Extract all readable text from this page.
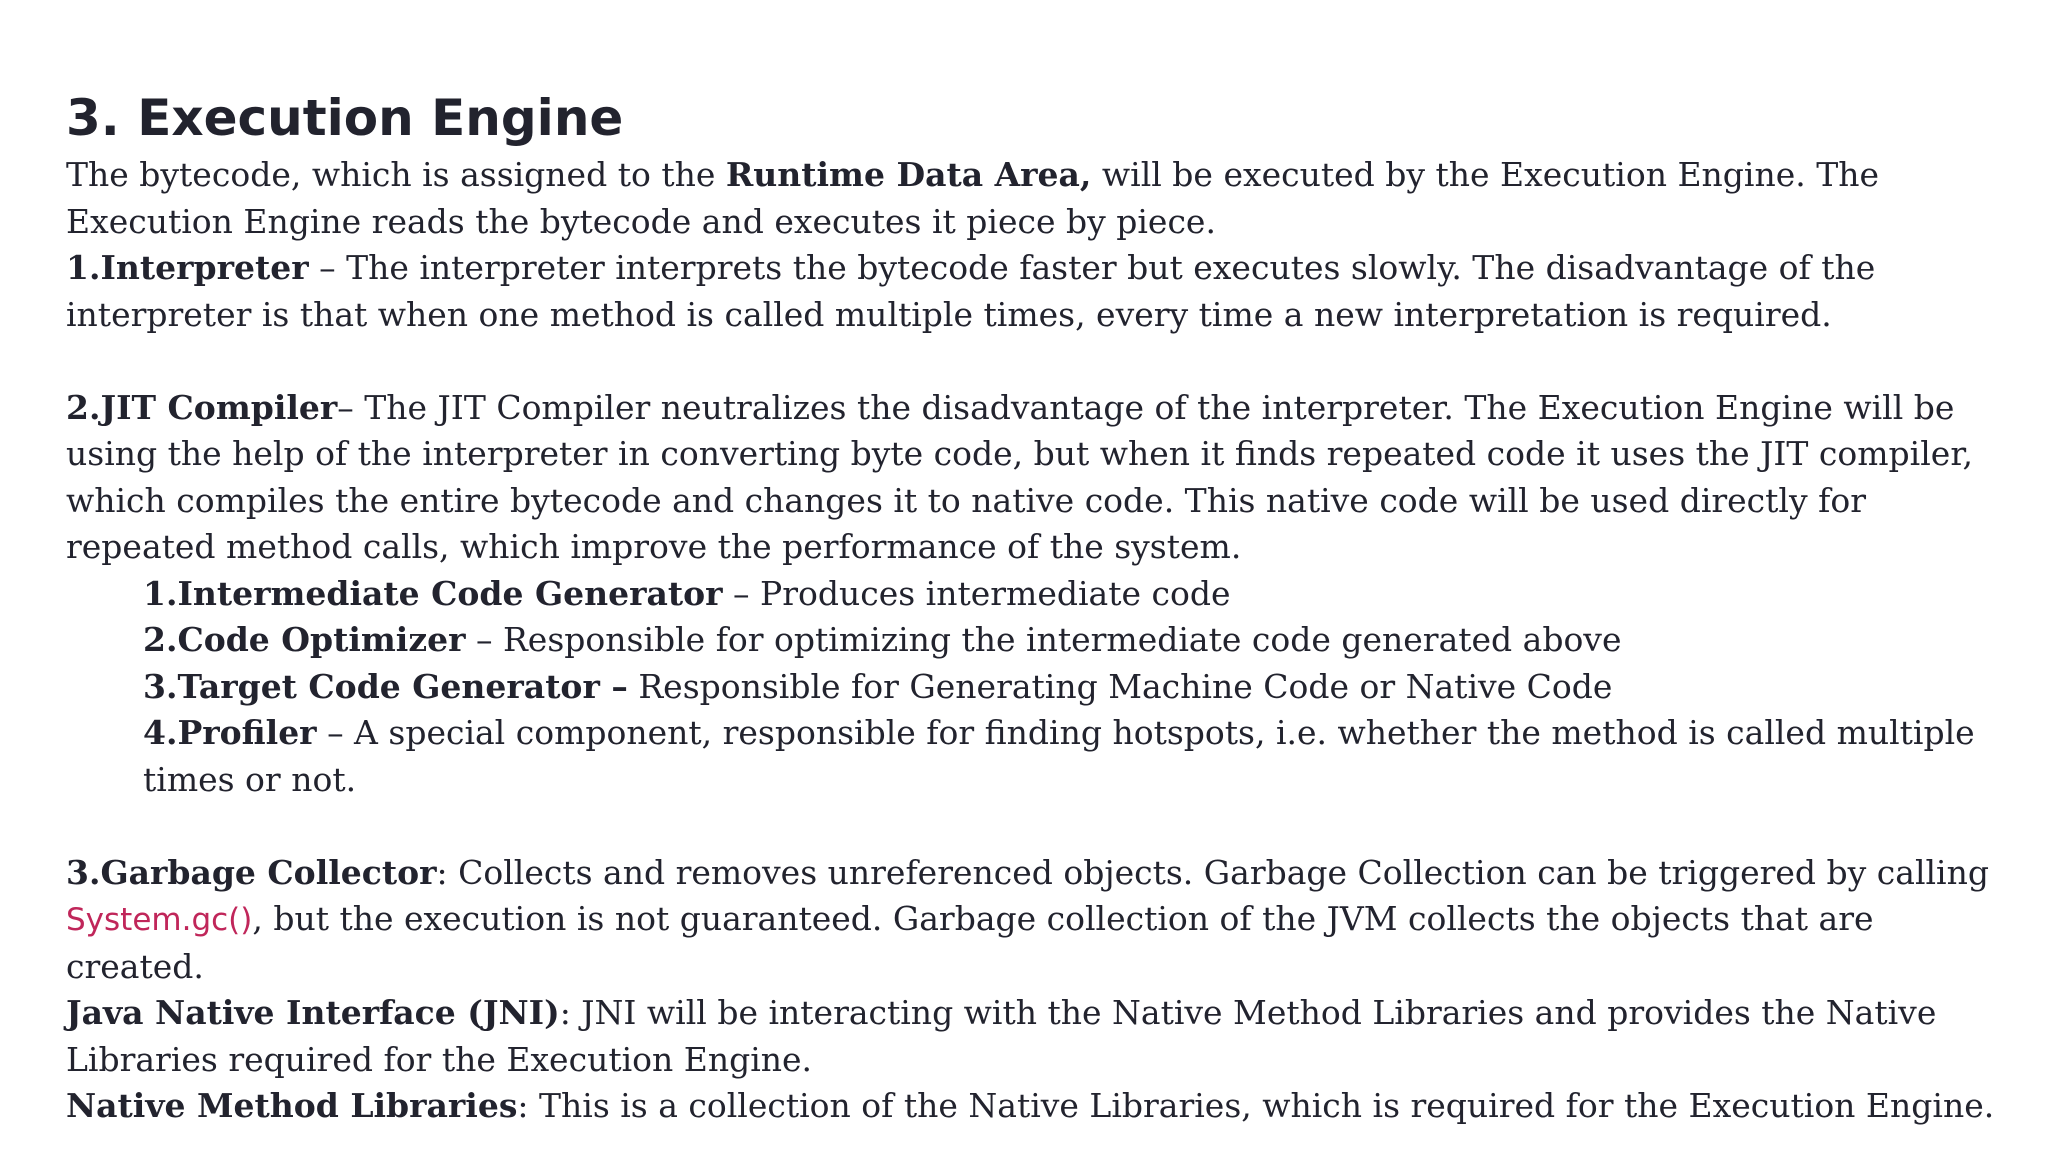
3. Execution Engine

The bytecode, which is assigned to the Runtime Data Area, will be executed by the Execution Engine. The Execution Engine reads the bytecode and executes it piece by piece.

1.Interpreter – The interpreter interprets the bytecode faster but executes slowly. The disadvantage of the interpreter is that when one method is called multiple times, every time a new interpretation is required.

2.JIT Compiler– The JIT Compiler neutralizes the disadvantage of the interpreter. The Execution Engine will be using the help of the interpreter in converting byte code, but when it finds repeated code it uses the JIT compiler, which compiles the entire bytecode and changes it to native code. This native code will be used directly for repeated method calls, which improve the performance of the system.

1.Intermediate Code Generator – Produces intermediate code

2.Code Optimizer – Responsible for optimizing the intermediate code generated above

3.Target Code Generator – Responsible for Generating Machine Code or Native Code

4.Profiler – A special component, responsible for finding hotspots, i.e. whether the method is called multiple times or not.

3.Garbage Collector: Collects and removes unreferenced objects. Garbage Collection can be triggered by calling System.gc(), but the execution is not guaranteed. Garbage collection of the JVM collects the objects that are created.

Java Native Interface (JNI): JNI will be interacting with the Native Method Libraries and provides the Native Libraries required for the Execution Engine.

Native Method Libraries: This is a collection of the Native Libraries, which is required for the Execution Engine.
